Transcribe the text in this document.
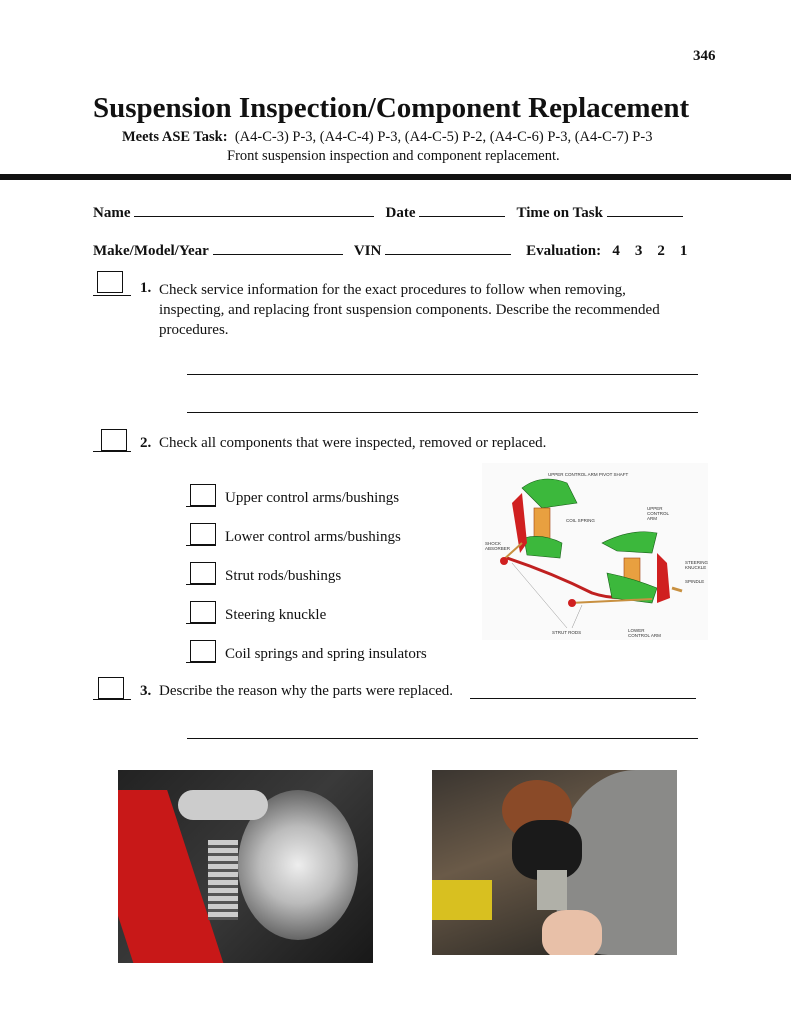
346
Suspension Inspection/Component Replacement
Meets ASE Task: (A4-C-3) P-3, (A4-C-4) P-3, (A4-C-5) P-2, (A4-C-6) P-3, (A4-C-7) P-3
Front suspension inspection and component replacement.
Name	Date	Time on Task
Make/Model/Year	VIN	Evaluation: 4 3 2 1
1. Check service information for the exact procedures to follow when removing,
inspecting, and replacing front suspension components. Describe the recommended
procedures.
2. Check all components that were inspected, removed or replaced.
Upper control arms/bushings
Lower control arms/bushings
Strut rods/bushings
Steering knuckle
Coil springs and spring insulators
UPPER CONTROL ARM PIVOT SHAFT
COIL SPRING
UPPER CONTROL ARM
SHOCK ABSORBER
STEERING KNUCKLE
SPINDLE
STRUT RODS	LOWER CONTROL ARM
3. Describe the reason why the parts were replaced.
